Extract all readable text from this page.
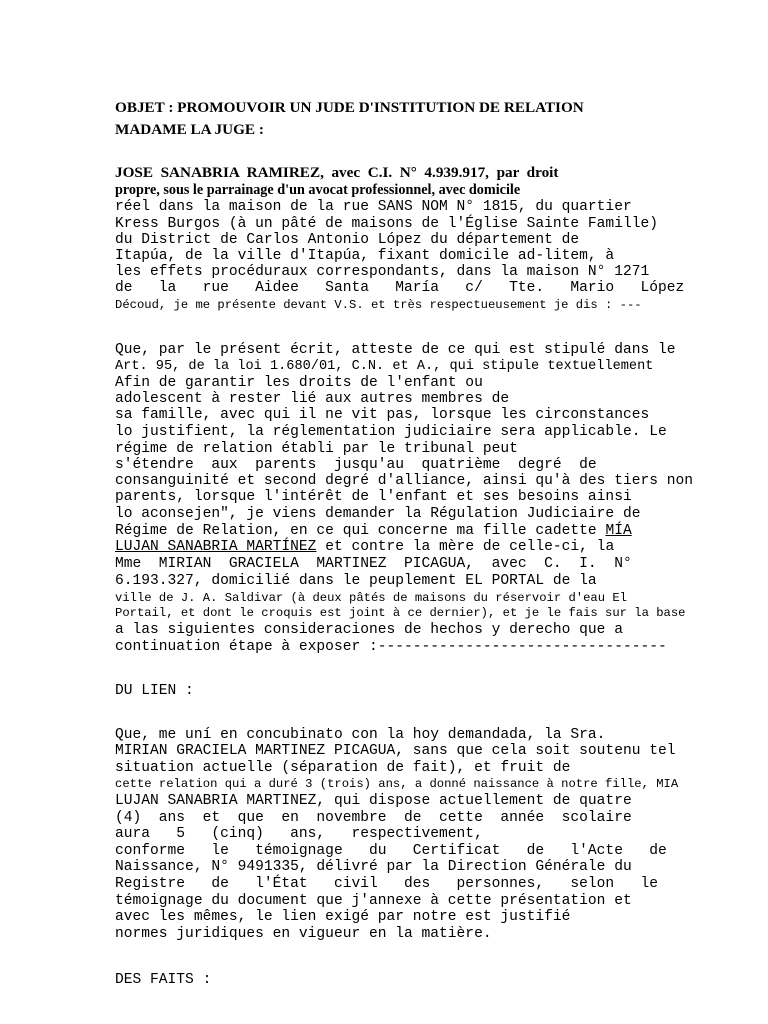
OBJET : PROMOUVOIR UN JUDE D'INSTITUTION DE RELATION
MADAME LA JUGE :
JOSE  SANABRIA  RAMIREZ,  avec  C.I.  N°  4.939.917,  par  droit
propre, sous le parrainage d'un avocat professionnel, avec domicile
réel dans la maison de la rue SANS NOM N° 1815, du quartier
Kress Burgos (à un pâté de maisons de l'Église Sainte Famille)
du District de Carlos Antonio López du département de
Itapúa, de la ville d'Itapúa, fixant domicile ad-litem, à
les effets procéduraux correspondants, dans la maison N° 1271
de   la   rue   Aidee   Santa   María   c/   Tte.   Mario   López
Découd, je me présente devant V.S. et très respectueusement je dis : ---
Que, par le présent écrit, atteste de ce qui est stipulé dans le
Art. 95, de la loi 1.680/01, C.N. et A., qui stipule textuellement
Afin de garantir les droits de l'enfant ou
adolescent à rester lié aux autres membres de
sa famille, avec qui il ne vit pas, lorsque les circonstances
lo justifient, la réglementation judiciaire sera applicable. Le
régime de relation établi par le tribunal peut
s'étendre  aux  parents  jusqu'au  quatrième  degré  de
consanguinité et second degré d'alliance, ainsi qu'à des tiers non
parents, lorsque l'intérêt de l'enfant et ses besoins ainsi
lo aconsejen", je viens demander la Régulation Judiciaire de
Régime de Relation, en ce qui concerne ma fille cadette MÍA
LUJAN SANABRIA MARTÍNEZ et contre la mère de celle-ci, la
Mme  MIRIAN  GRACIELA  MARTINEZ  PICAGUA,  avec  C.  I.  N°
6.193.327, domicilié dans le peuplement EL PORTAL de la
ville de J. A. Saldivar (à deux pâtés de maisons du réservoir d'eau El
Portail, et dont le croquis est joint à ce dernier), et je le fais sur la base
a las siguientes consideraciones de hechos y derecho que a
continuation étape à exposer :---------------------------------
DU LIEN :
Que, me uní en concubinato con la hoy demandada, la Sra.
MIRIAN GRACIELA MARTINEZ PICAGUA, sans que cela soit soutenu tel
situation actuelle (séparation de fait), et fruit de
cette relation qui a duré 3 (trois) ans, a donné naissance à notre fille, MIA
LUJAN SANABRIA MARTINEZ, qui dispose actuellement de quatre
(4)  ans  et  que  en  novembre  de  cette  année  scolaire
aura   5   (cinq)   ans,   respectivement,
conforme   le   témoignage   du   Certificat   de   l'Acte   de
Naissance, N° 9491335, délivré par la Direction Générale du
Registre   de   l'État   civil   des   personnes,   selon   le
témoignage du document que j'annexe à cette présentation et
avec les mêmes, le lien exigé par notre est justifié
normes juridiques en vigueur en la matière.
DES FAITS :
